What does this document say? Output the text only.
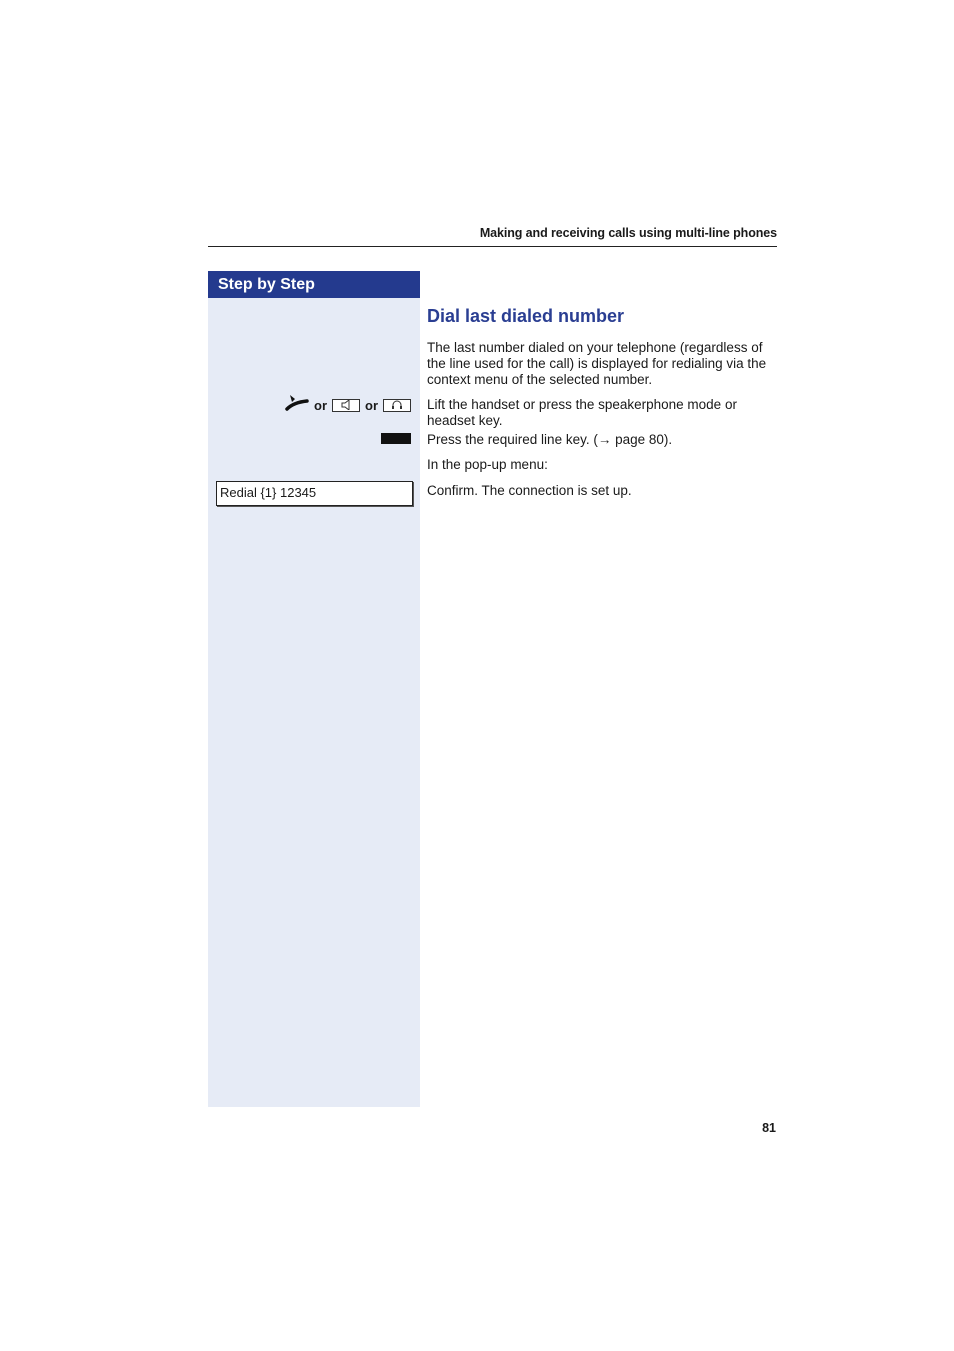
Making and receiving calls using multi-line phones
Step by Step
or	or
Redial {1} 12345
Dial last dialed number
The last number dialed on your telephone (regardless of the line used for the call) is displayed for redialing via the context menu of the selected number.
Lift the handset or press the speakerphone mode or headset key.
Press the required line key. (→ page 80).
In the pop-up menu:
Confirm. The connection is set up.
81
